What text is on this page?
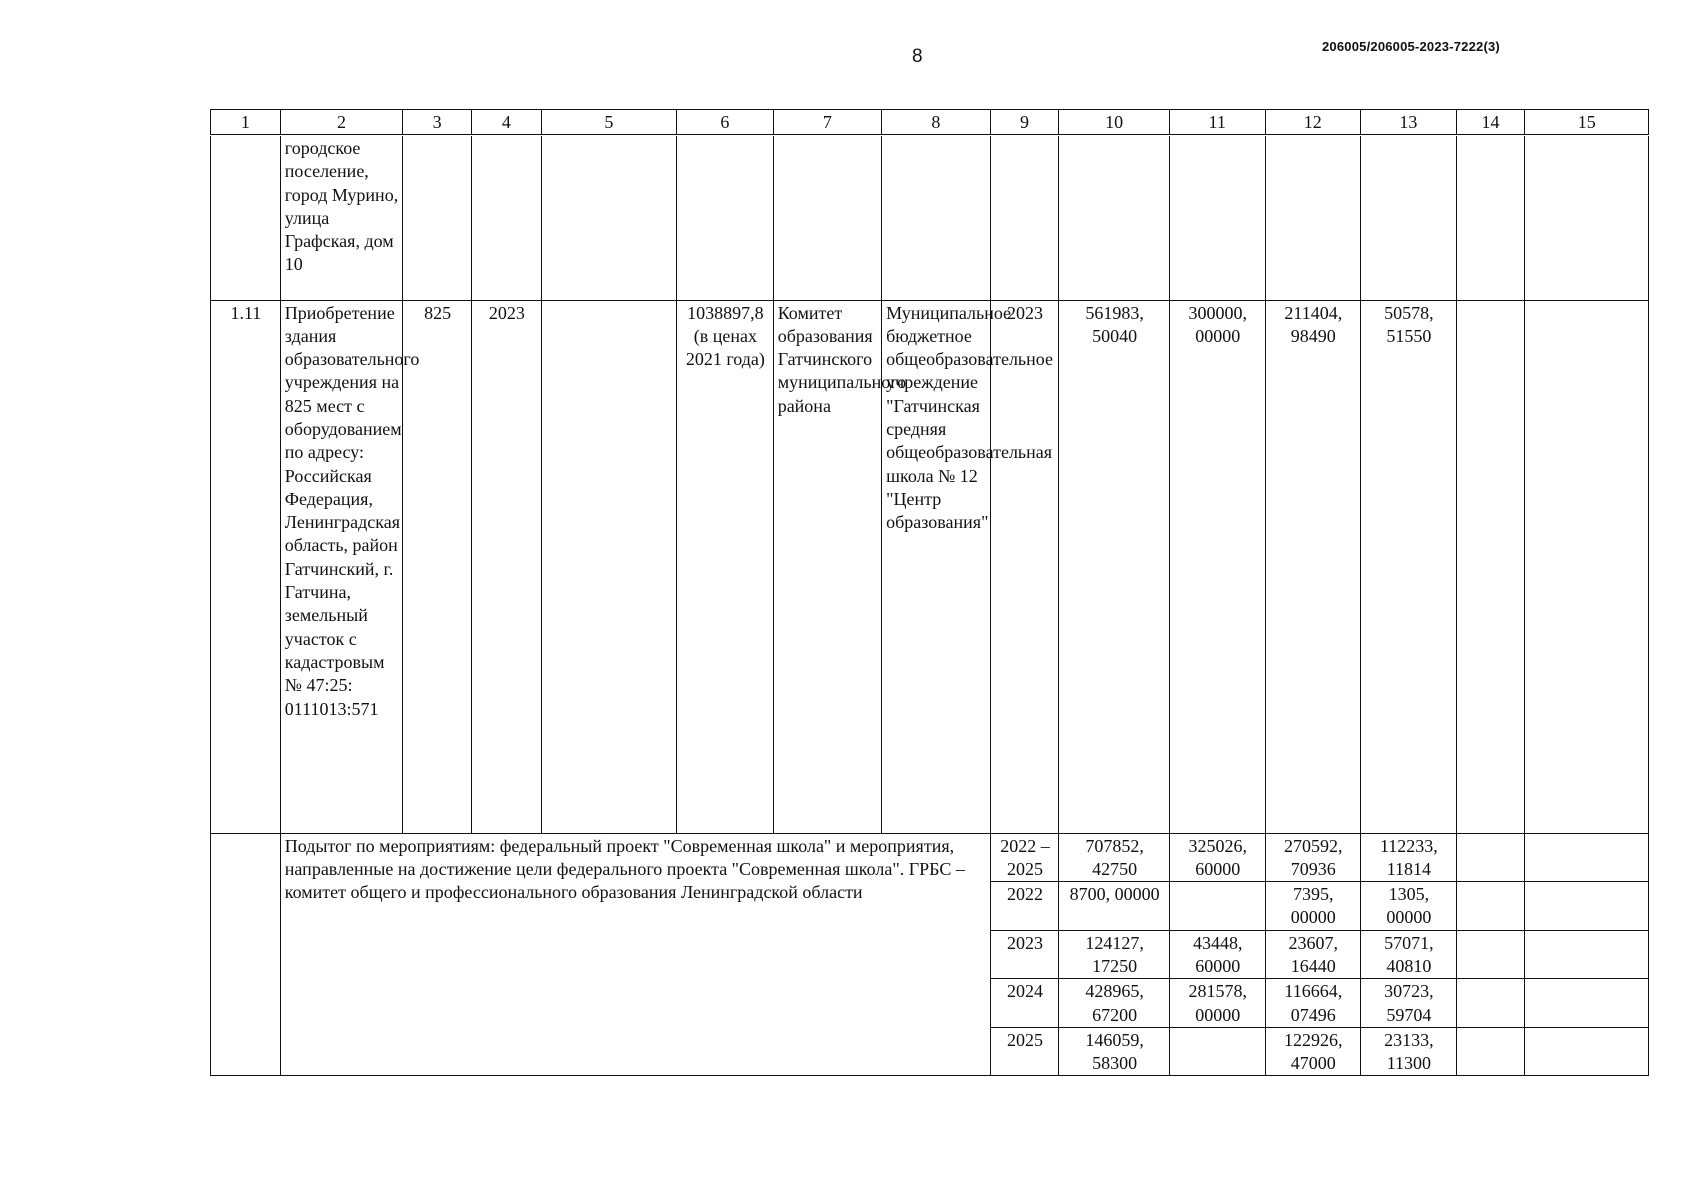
8	206005/206005-2023-7222(3)
1	2	3	4	5	6	7	8	9	10	11	12	13	14	15
	городское поселение, город Мурино, улица Графская, дом 10													
1.11	Приобретение здания образовательного учреждения на 825 мест с оборудованием по адресу: Российская Федерация, Ленинградская область, район Гатчинский, г. Гатчина, земельный участок с кадастровым № 47:25: 0111013:571	825	2023		1038897,8 (в ценах 2021 года)	Комитет образования Гатчинского муниципального района	Муниципальное бюджетное общеобразовательное учреждение "Гатчинская средняя общеобразовательная школа № 12 "Центр образования"	2023	561983, 50040	300000, 00000	211404, 98490	50578, 51550		
	Подытог по мероприятиям: федеральный проект "Современная школа" и мероприятия, направленные на достижение цели федерального проекта "Современная школа". ГРБС – комитет общего и профессионального образования Ленинградской области							2022 – 2025	707852, 42750	325026, 60000	270592, 70936	112233, 11814		
								2022	8700, 00000		7395, 00000	1305, 00000		
								2023	124127, 17250	43448, 60000	23607, 16440	57071, 40810		
								2024	428965, 67200	281578, 00000	116664, 07496	30723, 59704		
								2025	146059, 58300		122926, 47000	23133, 11300		
